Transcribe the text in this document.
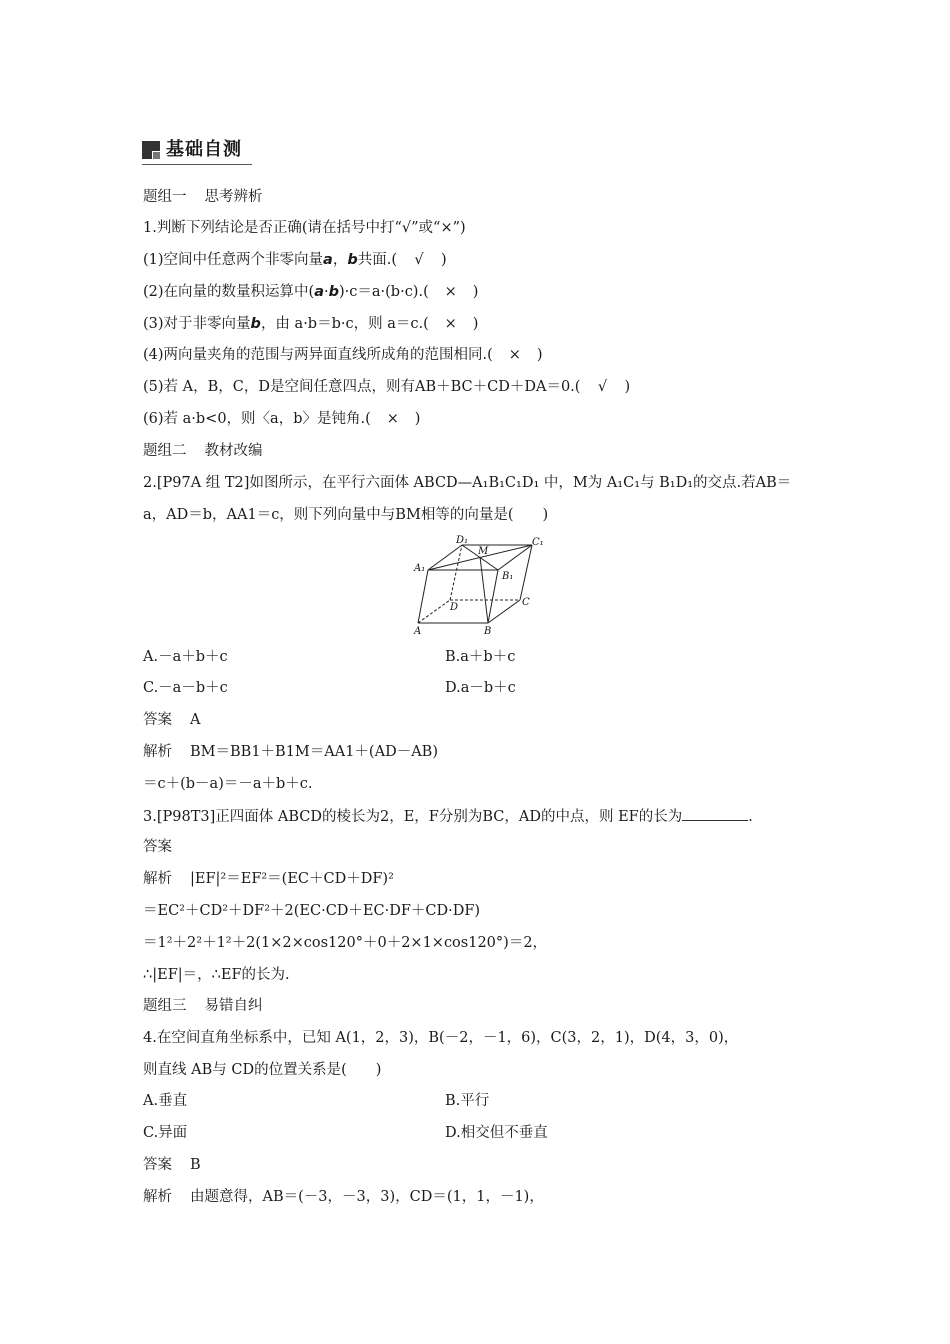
基础自测
题组一 思考辨析
1.判断下列结论是否正确(请在括号中打“√”或“×”)
(1)空间中任意两个非零向量a，b共面.( √ )
(2)在向量的数量积运算中(a·b)·c＝a·(b·c).( × )
(3)对于非零向量b，由 a·b＝b·c，则 a＝c.( × )
(4)两向量夹角的范围与两异面直线所成角的范围相同.( × )
(5)若 A，B，C，D是空间任意四点，则有AB＋BC＋CD＋DA＝0.( √ )
(6)若 a·b<0，则〈a，b〉是钝角.( × )
题组二 教材改编
2.[P97A 组 T2]如图所示，在平行六面体 ABCD—A₁B₁C₁D₁ 中，M为 A₁C₁与 B₁D₁的交点.若AB＝
a，AD＝b，AA1＝c，则下列向量中与BM相等的向量是(　　)
D₁
M
C₁
A₁
B₁
D	C
A	B
A.－a＋b＋c	B.a＋b＋c
C.－a－b＋c	D.a－b＋c
答案 A
解析 BM＝BB1＋B1M＝AA1＋(AD－AB)
＝c＋(b－a)＝－a＋b＋c.
3.[P98T3]正四面体 ABCD的棱长为2，E，F分别为BC，AD的中点，则 EF的长为	.
答案
解析 |EF|²＝EF²＝(EC＋CD＋DF)²
＝EC²＋CD²＋DF²＋2(EC·CD＋EC·DF＋CD·DF)
＝1²＋2²＋1²＋2(1×2×cos120°＋0＋2×1×cos120°)＝2，
∴|EF|＝，∴EF的长为.
题组三 易错自纠
4.在空间直角坐标系中，已知 A(1，2，3)，B(－2，－1，6)，C(3，2，1)，D(4，3，0)，
则直线 AB与 CD的位置关系是(　　)
A.垂直	B.平行
C.异面	D.相交但不垂直
答案 B
解析 由题意得，AB＝(－3，－3，3)，CD＝(1，1，－1)，
